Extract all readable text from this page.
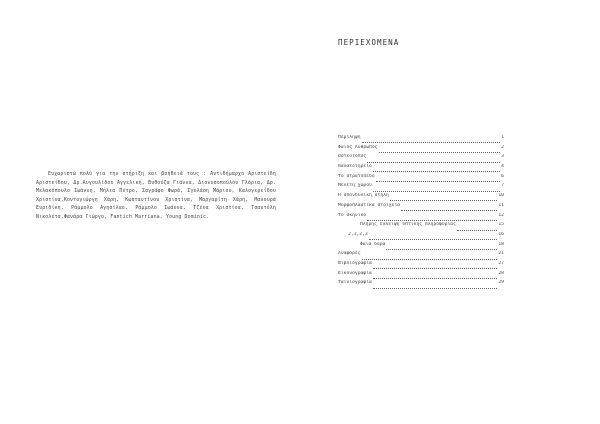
Ευχαριστώ πολύ για την στήριξη και βοήθειά τους : Αντιδήμαρχο Αριστείδη Αριστείδου, Δρ.Αυγουλίδου Αγγελική, Βυθούζα Γιάννα, Διονυσοπούλου Γλόρια, Δρ. Μελακόπουλο Ιωάννη, Μήλια Πέτρο, Σαγράφο Φωρά, Σγυλάση Μάριον, Καλογερείδου Χριστίνα,Κοντογιώργη Χάρη, Κωσταντίνου Χριστίνα, Μαργαρίτη Χάρη, Μανουρά Ευριδίκη, Ράμμολο Αγησίλαο, Ράμμολο Ιωάννα, Τζένα Χριστίνα, Τσαντέλη Νικολέτα,Φανάρα Γιώργο, Fantich Marriana, Young Dominic.
ΠΕΡΙΕΧΟΜΕΝΑ
Περίληψη	1
Φαιός Άνθρωπος	2
Οστεοτόπος	3
Θανατοτηρείο	4
Το στρατόπεδο	6
Μελέτη χώρου	7
Η σπονδυλική στήλη	10
Μορφοπλαστικά στοιχεία	11
Το σκηνικό	12
Πλήρης έλλειψη οπτικής πληροφορίας	15
2,1,2,3	16
Φαιά δορά	18
Αναφορές	21
Βιβλιογραφία	27
Εικονογραφία	28
Ταινιογραφία	29
